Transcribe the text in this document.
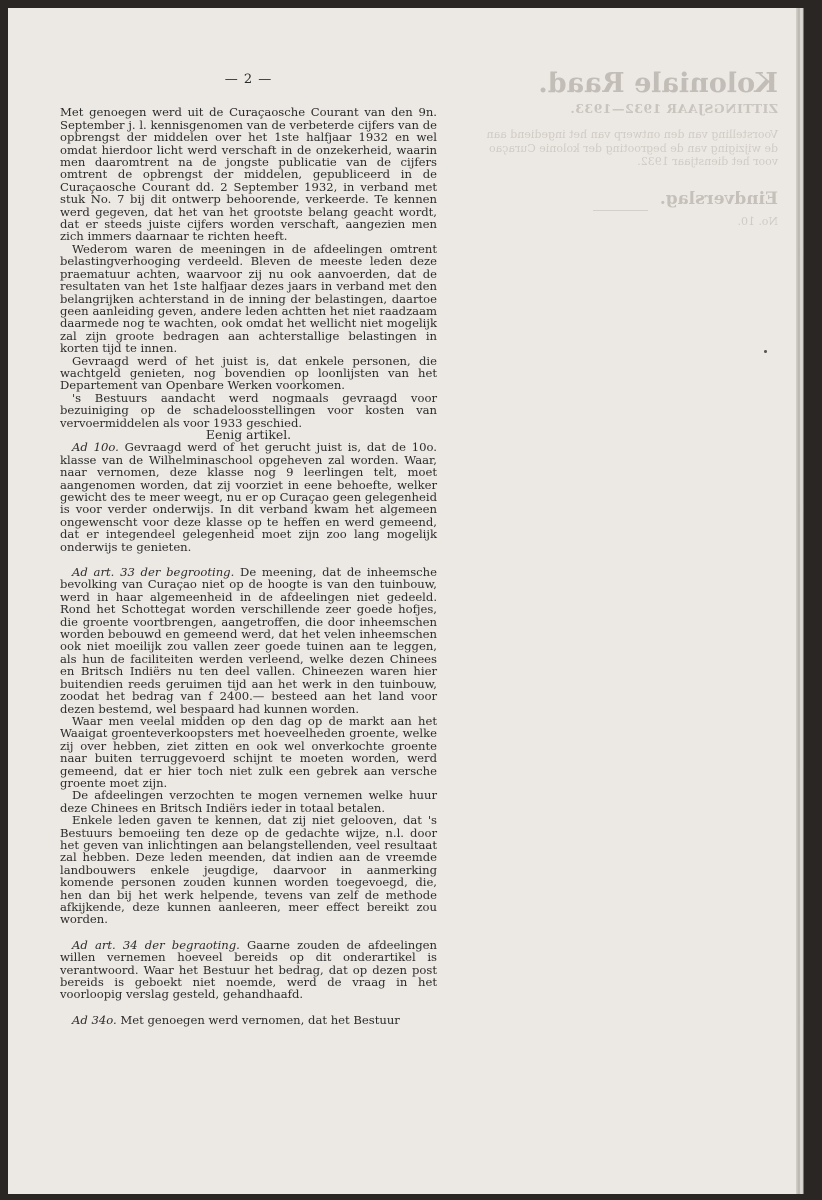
Koloniale Raad.
ZITTINGSJAAR 1932—1933.
Voorstelling van den ontwerp van het ingediend aan de wijziging van de begrooting der kolonie Curaçao voor het dienstjaar 1932.
Eindverslag.
No. 10.
— 2 —

Met genoegen werd uit de Curaçaosche Courant van den 9n. September j. l. kennisgenomen van de verbeterde cijfers van de opbrengst der middelen over het 1ste halfjaar 1932 en wel omdat hierdoor licht werd verschaft in de onzekerheid, waarin men daaromtrent na de jongste publicatie van de cijfers omtrent de opbrengst der middelen, gepubliceerd in de Curaçaosche Courant dd. 2 September 1932, in verband met stuk No. 7 bij dit ontwerp behoorende, verkeerde. Te kennen werd gegeven, dat het van het grootste belang geacht wordt, dat er steeds juiste cijfers worden verschaft, aangezien men zich immers daarnaar te richten heeft.

Wederom waren de meeningen in de afdeelingen omtrent belastingverhooging verdeeld. Bleven de meeste leden deze praematuur achten, waarvoor zij nu ook aanvoerden, dat de resultaten van het 1ste halfjaar dezes jaars in verband met den belangrijken achterstand in de inning der belastingen, daartoe geen aanleiding geven, andere leden achtten het niet raadzaam daarmede nog te wachten, ook omdat het wellicht niet mogelijk zal zijn groote bedragen aan achterstallige belastingen in korten tijd te innen.

Gevraagd werd of het juist is, dat enkele personen, die wachtgeld genieten, nog bovendien op loonlijsten van het Departement van Openbare Werken voorkomen.

's Bestuurs aandacht werd nogmaals gevraagd voor bezuiniging op de schadeloosstellingen voor kosten van vervoermiddelen als voor 1933 geschied.

Eenig artikel.

Ad 10o. Gevraagd werd of het gerucht juist is, dat de 10o. klasse van de Wilhelminaschool opgeheven zal worden. Waar, naar vernomen, deze klasse nog 9 leerlingen telt, moet aangenomen worden, dat zij voorziet in eene behoefte, welker gewicht des te meer weegt, nu er op Curaçao geen gelegenheid is voor verder onderwijs. In dit verband kwam het algemeen ongewenscht voor deze klasse op te heffen en werd gemeend, dat er integendeel gelegenheid moet zijn zoo lang mogelijk onderwijs te genieten.

Ad art. 33 der begrooting. De meening, dat de inheemsche bevolking van Curaçao niet op de hoogte is van den tuinbouw, werd in haar algemeenheid in de afdeelingen niet gedeeld. Rond het Schottegat worden verschillende zeer goede hofjes, die groente voortbrengen, aangetroffen, die door inheemschen worden bebouwd en gemeend werd, dat het velen inheemschen ook niet moeilijk zou vallen zeer goede tuinen aan te leggen, als hun de faciliteiten werden verleend, welke dezen Chinees en Britsch Indiërs nu ten deel vallen. Chineezen waren hier buitendien reeds geruimen tijd aan het werk in den tuinbouw, zoodat het bedrag van f 2400.— besteed aan het land voor dezen bestemd, wel bespaard had kunnen worden.

Waar men veelal midden op den dag op de markt aan het Waaigat groenteverkoopsters met hoeveelheden groente, welke zij over hebben, ziet zitten en ook wel onverkochte groente naar buiten terruggevoerd schijnt te moeten worden, werd gemeend, dat er hier toch niet zulk een gebrek aan versche groente moet zijn.

De afdeelingen verzochten te mogen vernemen welke huur deze Chinees en Britsch Indiërs ieder in totaal betalen.

Enkele leden gaven te kennen, dat zij niet gelooven, dat 's Bestuurs bemoeiing ten deze op de gedachte wijze, n.l. door het geven van inlichtingen aan belangstellenden, veel resultaat zal hebben. Deze leden meenden, dat indien aan de vreemde landbouwers enkele jeugdige, daarvoor in aanmerking komende personen zouden kunnen worden toegevoegd, die, hen dan bij het werk helpende, tevens van zelf de methode afkijkende, deze kunnen aanleeren, meer effect bereikt zou worden.

Ad art. 34 der begraoting. Gaarne zouden de afdeelingen willen vernemen hoeveel bereids op dit onderartikel is verantwoord. Waar het Bestuur het bedrag, dat op dezen post bereids is geboekt niet noemde, werd de vraag in het voorloopig verslag gesteld, gehandhaafd.

Ad 34o. Met genoegen werd vernomen, dat het Bestuur
